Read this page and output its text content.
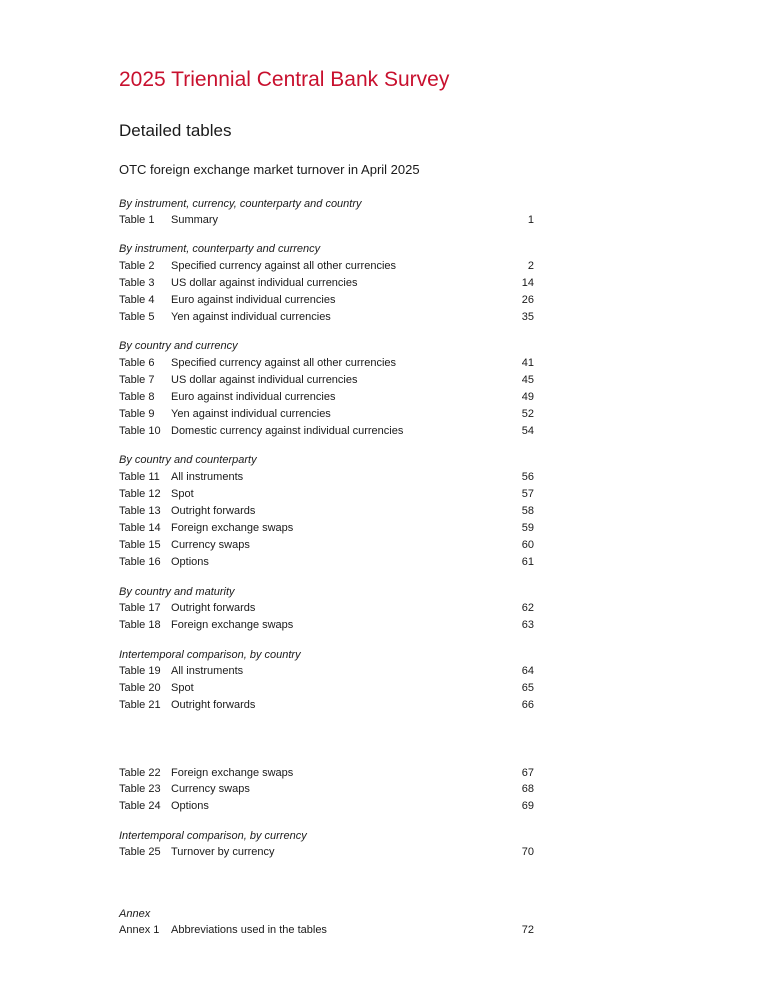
2025 Triennial Central Bank Survey
Detailed tables
OTC foreign exchange market turnover in April 2025
By instrument, currency, counterparty and country
Table 1 Summary	1
By instrument, counterparty and currency
Table 2 Specified currency against all other currencies	2
Table 3 US dollar against individual currencies	14
Table 4 Euro against individual currencies	26
Table 5 Yen against individual currencies	35
By country and currency
Table 6 Specified currency against all other currencies	41
Table 7 US dollar against individual currencies	45
Table 8 Euro against individual currencies	49
Table 9 Yen against individual currencies	52
Table 10 Domestic currency against individual currencies	54
By country and counterparty
Table 11 All instruments	56
Table 12 Spot	57
Table 13 Outright forwards	58
Table 14 Foreign exchange swaps	59
Table 15 Currency swaps	60
Table 16 Options	61
By country and maturity
Table 17 Outright forwards	62
Table 18 Foreign exchange swaps	63
Intertemporal comparison, by country
Table 19 All instruments	64
Table 20 Spot	65
Table 21 Outright forwards	66
Table 22 Foreign exchange swaps	67
Table 23 Currency swaps	68
Table 24 Options	69
Intertemporal comparison, by currency
Table 25 Turnover by currency	70
Annex
Annex 1 Abbreviations used in the tables	72
